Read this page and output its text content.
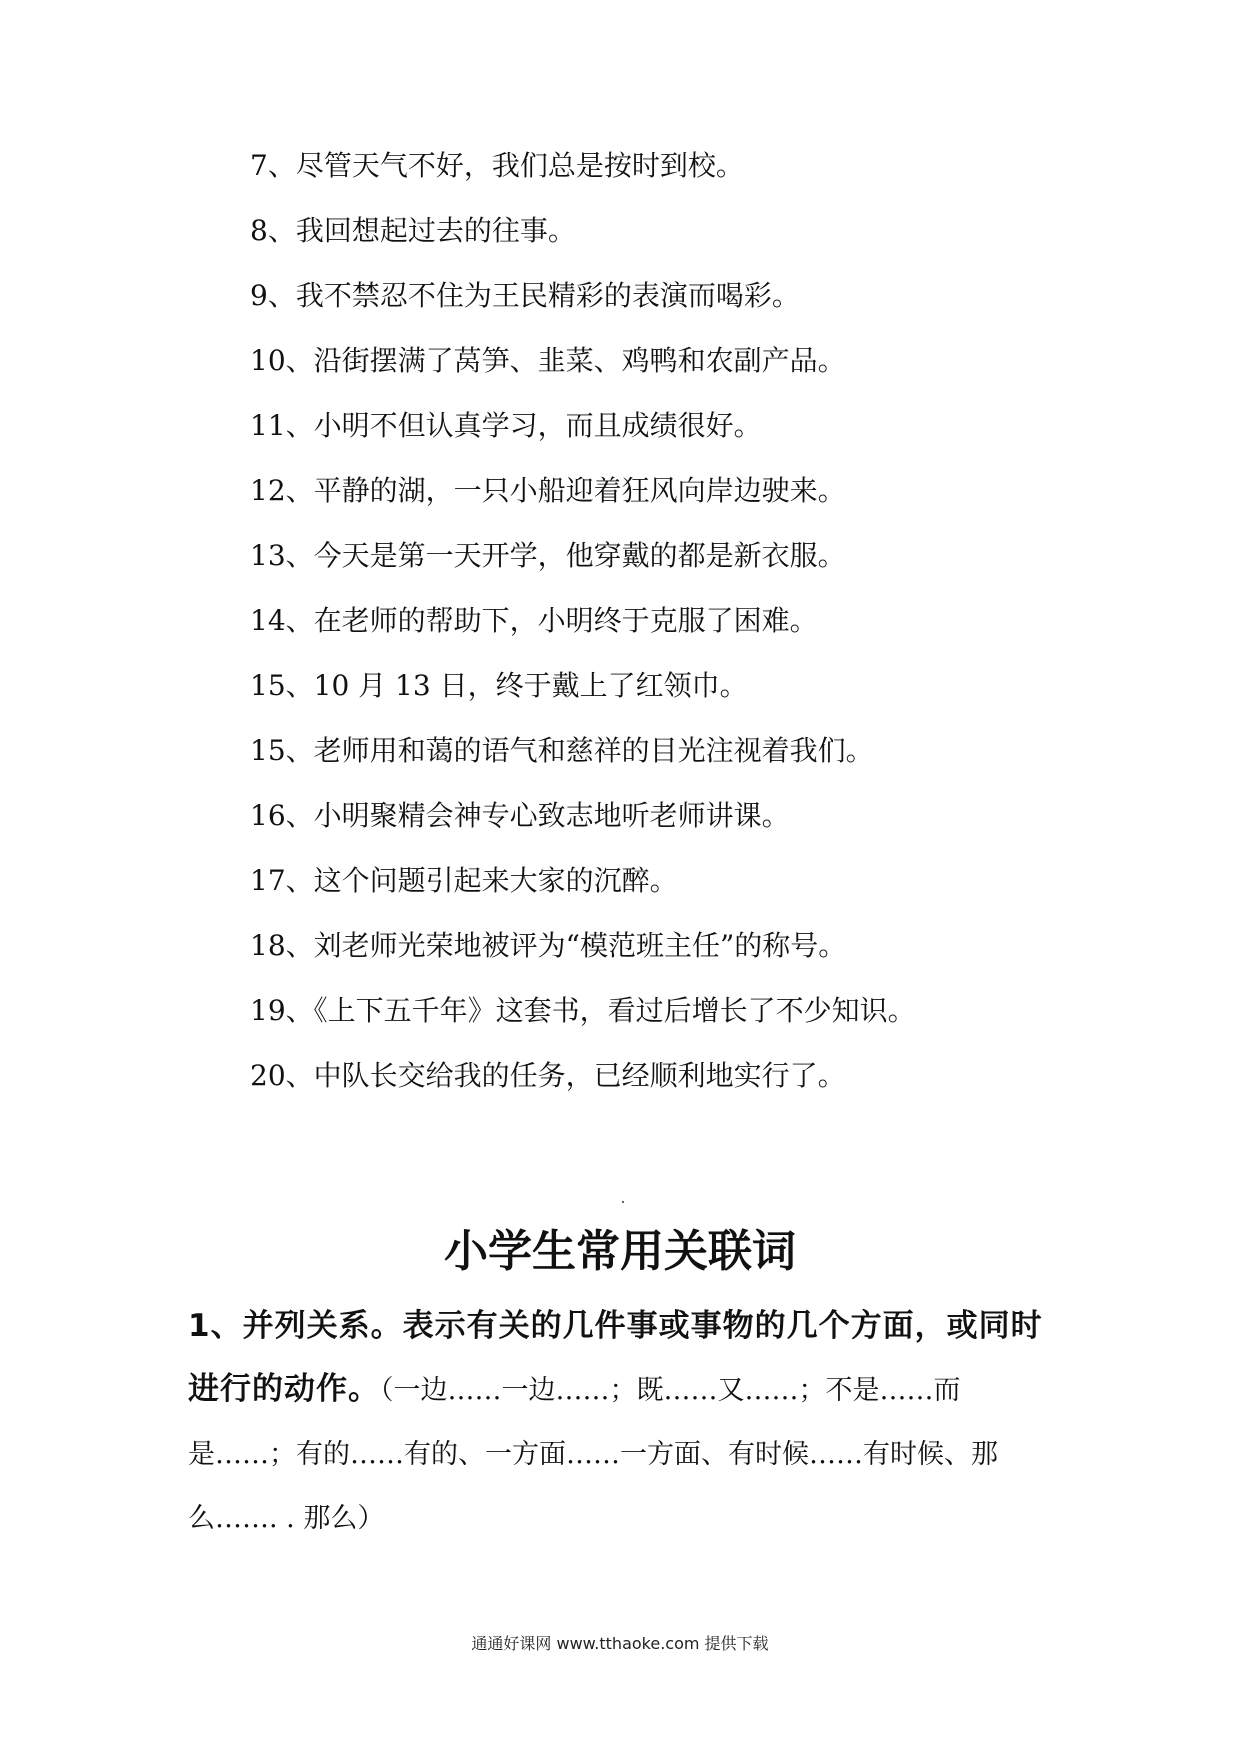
7、尽管天气不好，我们总是按时到校。
8、我回想起过去的往事。
9、我不禁忍不住为王民精彩的表演而喝彩。
10、沿街摆满了莴笋、韭菜、鸡鸭和农副产品。
11、小明不但认真学习，而且成绩很好。
12、平静的湖，一只小船迎着狂风向岸边驶来。
13、今天是第一天开学，他穿戴的都是新衣服。
14、在老师的帮助下，小明终于克服了困难。
15、10 月 13 日，终于戴上了红领巾。
15、老师用和蔼的语气和慈祥的目光注视着我们。
16、小明聚精会神专心致志地听老师讲课。
17、这个问题引起来大家的沉醉。
18、刘老师光荣地被评为“模范班主任”的称号。
19、《上下五千年》这套书，看过后增长了不少知识。
20、中队长交给我的任务，已经顺利地实行了。
小学生常用关联词

1、并列关系。表示有关的几件事或事物的几个方面，或同时进行的动作。（一边……一边……；既……又……；不是……而是……；有的……有的、一方面……一方面、有时候……有时候、那么……. . 那么）

通通好课网 www.tthaoke.com 提供下载
